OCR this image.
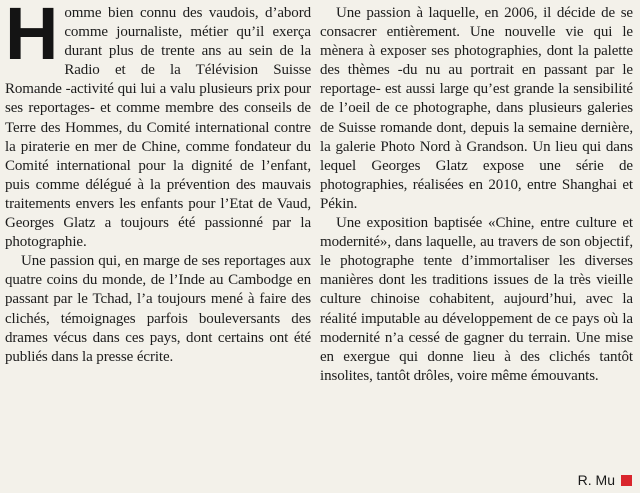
Homme bien connu des vaudois, d’abord comme journaliste, métier qu’il exerça durant plus de trente ans au sein de la Radio et de la Télévision Suisse Romande -activité qui lui a valu plusieurs prix pour ses reportages- et comme membre des conseils de Terre des Hommes, du Comité international contre la piraterie en mer de Chine, comme fondateur du Comité international pour la dignité de l’enfant, puis comme délégué à la prévention des mauvais traitements envers les enfants pour l’Etat de Vaud, Georges Glatz a toujours été passionné par la photographie.

Une passion qui, en marge de ses reportages aux quatre coins du monde, de l’Inde au Cambodge en passant par le Tchad, l’a toujours mené à faire des clichés, témoignages parfois bouleversants des drames vécus dans ces pays, dont certains ont été publiés dans la presse écrite.

Une passion à laquelle, en 2006, il décide de se consacrer entièrement. Une nouvelle vie qui le mènera à exposer ses photographies, dont la palette des thèmes -du nu au portrait en passant par le reportage- est aussi large qu’est grande la sensibilité de l’oeil de ce photographe, dans plusieurs galeries de Suisse romande dont, depuis la semaine dernière, la galerie Photo Nord à Grandson. Un lieu qui dans lequel Georges Glatz expose une série de photographies, réalisées en 2010, entre Shanghai et Pékin.

Une exposition baptisée «Chine, entre culture et modernité», dans laquelle, au travers de son objectif, le photographe tente d’immortaliser les diverses manières dont les traditions issues de la très vieille culture chinoise cohabitent, aujourd’hui, avec la réalité imputable au développement de ce pays où la modernité n’a cessé de gagner du terrain. Une mise en exergue qui donne lieu à des clichés tantôt insolites, tantôt drôles, voire même émouvants.

R. Mu
